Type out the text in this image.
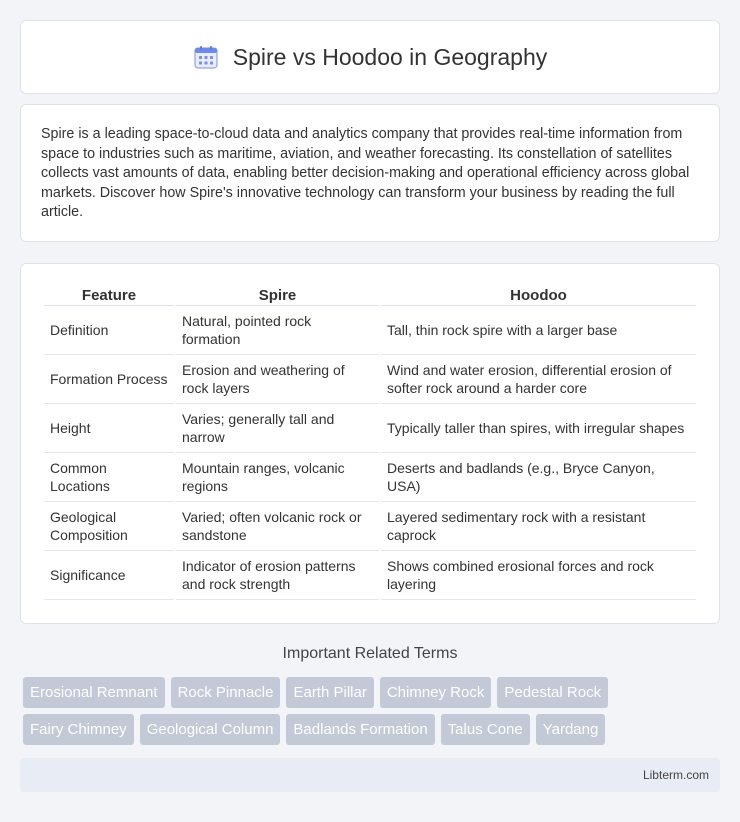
Spire vs Hoodoo in Geography

Spire is a leading space-to-cloud data and analytics company that provides real-time information from space to industries such as maritime, aviation, and weather forecasting. Its constellation of satellites collects vast amounts of data, enabling better decision-making and operational efficiency across global markets. Discover how Spire's innovative technology can transform your business by reading the full article.

Feature	Spire	Hoodoo
Definition	Natural, pointed rock formation	Tall, thin rock spire with a larger base
Formation Process	Erosion and weathering of rock layers	Wind and water erosion, differential erosion of softer rock around a harder core
Height	Varies; generally tall and narrow	Typically taller than spires, with irregular shapes
Common Locations	Mountain ranges, volcanic regions	Deserts and badlands (e.g., Bryce Canyon, USA)
Geological Composition	Varied; often volcanic rock or sandstone	Layered sedimentary rock with a resistant caprock
Significance	Indicator of erosion patterns and rock strength	Shows combined erosional forces and rock layering
Important Related Terms
Erosional Remnant	Rock Pinnacle	Earth Pillar	Chimney Rock	Pedestal Rock
Fairy Chimney	Geological Column	Badlands Formation	Talus Cone	Yardang
Libterm.com
